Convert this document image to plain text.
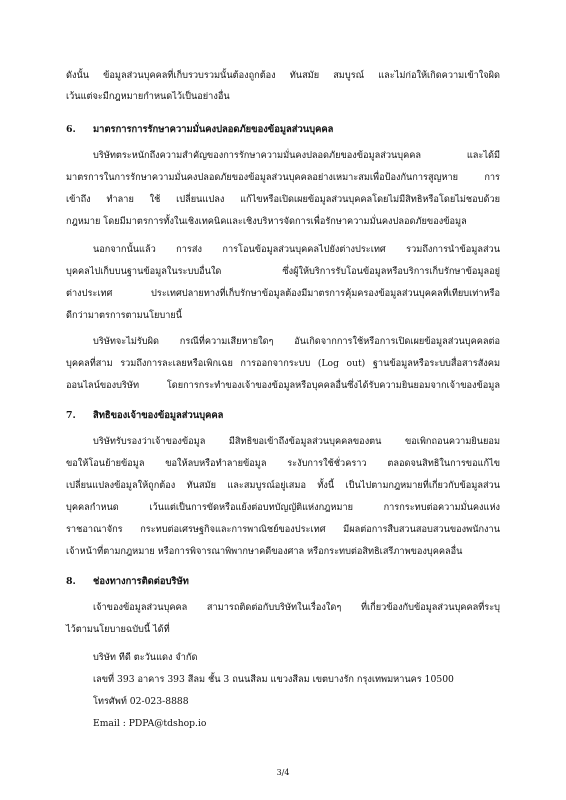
ดังนั้น ข้อมูลส่วนบุคคลที่เก็บรวบรวมนั้นต้องถูกต้อง ทันสมัย สมบูรณ์ และไม่ก่อให้เกิดความเข้าใจผิด
เว้นแต่จะมีกฎหมายกำหนดไว้เป็นอย่างอื่น
6. มาตรการการรักษาความมั่นคงปลอดภัยของข้อมูลส่วนบุคคล
บริษัทตระหนักถึงความสำคัญของการรักษาความมั่นคงปลอดภัยของข้อมูลส่วนบุคคล และได้มี
มาตรการในการรักษาความมั่นคงปลอดภัยของข้อมูลส่วนบุคคลอย่างเหมาะสมเพื่อป้องกันการสูญหาย การ
เข้าถึง ทำลาย ใช้ เปลี่ยนแปลง แก้ไขหรือเปิดเผยข้อมูลส่วนบุคคลโดยไม่มีสิทธิหรือโดยไม่ชอบด้วย
กฎหมาย โดยมีมาตรการทั้งในเชิงเทคนิคและเชิงบริหารจัดการเพื่อรักษาความมั่นคงปลอดภัยของข้อมูล
นอกจากนั้นแล้ว การส่ง การโอนข้อมูลส่วนบุคคลไปยังต่างประเทศ รวมถึงการนำข้อมูลส่วน
บุคคลไปเก็บบนฐานข้อมูลในระบบอื่นใด ซึ่งผู้ให้บริการรับโอนข้อมูลหรือบริการเก็บรักษาข้อมูลอยู่
ต่างประเทศ ประเทศปลายทางที่เก็บรักษาข้อมูลต้องมีมาตรการคุ้มครองข้อมูลส่วนบุคคลที่เทียบเท่าหรือ
ดีกว่ามาตรการตามนโยบายนี้
บริษัทจะไม่รับผิด กรณีที่ความเสียหายใดๆ อันเกิดจากการใช้หรือการเปิดเผยข้อมูลส่วนบุคคลต่อ
บุคคลที่สาม รวมถึงการละเลยหรือเพิกเฉย การออกจากระบบ (Log out) ฐานข้อมูลหรือระบบสื่อสารสังคม
ออนไลน์ของบริษัท โดยการกระทำของเจ้าของข้อมูลหรือบุคคลอื่นซึ่งได้รับความยินยอมจากเจ้าของข้อมูล
7. สิทธิของเจ้าของข้อมูลส่วนบุคคล
บริษัทรับรองว่าเจ้าของข้อมูล มีสิทธิขอเข้าถึงข้อมูลส่วนบุคคลของตน ขอเพิกถอนความยินยอม
ขอให้โอนย้ายข้อมูล ขอให้ลบหรือทำลายข้อมูล ระงับการใช้ชั่วคราว ตลอดจนสิทธิในการขอแก้ไข
เปลี่ยนแปลงข้อมูลให้ถูกต้อง ทันสมัย และสมบูรณ์อยู่เสมอ ทั้งนี้ เป็นไปตามกฎหมายที่เกี่ยวกับข้อมูลส่วน
บุคคลกำหนด เว้นแต่เป็นการขัดหรือแย้งต่อบทบัญญัติแห่งกฎหมาย การกระทบต่อความมั่นคงแห่ง
ราชอาณาจักร กระทบต่อเศรษฐกิจและการพาณิชย์ของประเทศ มีผลต่อการสืบสวนสอบสวนของพนักงาน
เจ้าหน้าที่ตามกฎหมาย หรือการพิจารณาพิพากษาคดีของศาล หรือกระทบต่อสิทธิเสรีภาพของบุคคลอื่น
8. ช่องทางการติดต่อบริษัท
เจ้าของข้อมูลส่วนบุคคล สามารถติดต่อกับบริษัทในเรื่องใดๆ ที่เกี่ยวข้องกับข้อมูลส่วนบุคคลที่ระบุ
ไว้ตามนโยบายฉบับนี้ ได้ที่
บริษัท ทีดี ตะวันแดง จำกัด
เลขที่ 393 อาคาร 393 สีลม ชั้น 3 ถนนสีลม แขวงสีลม เขตบางรัก กรุงเทพมหานคร 10500
โทรศัพท์ 02-023-8888
Email : PDPA@tdshop.io
3/4
